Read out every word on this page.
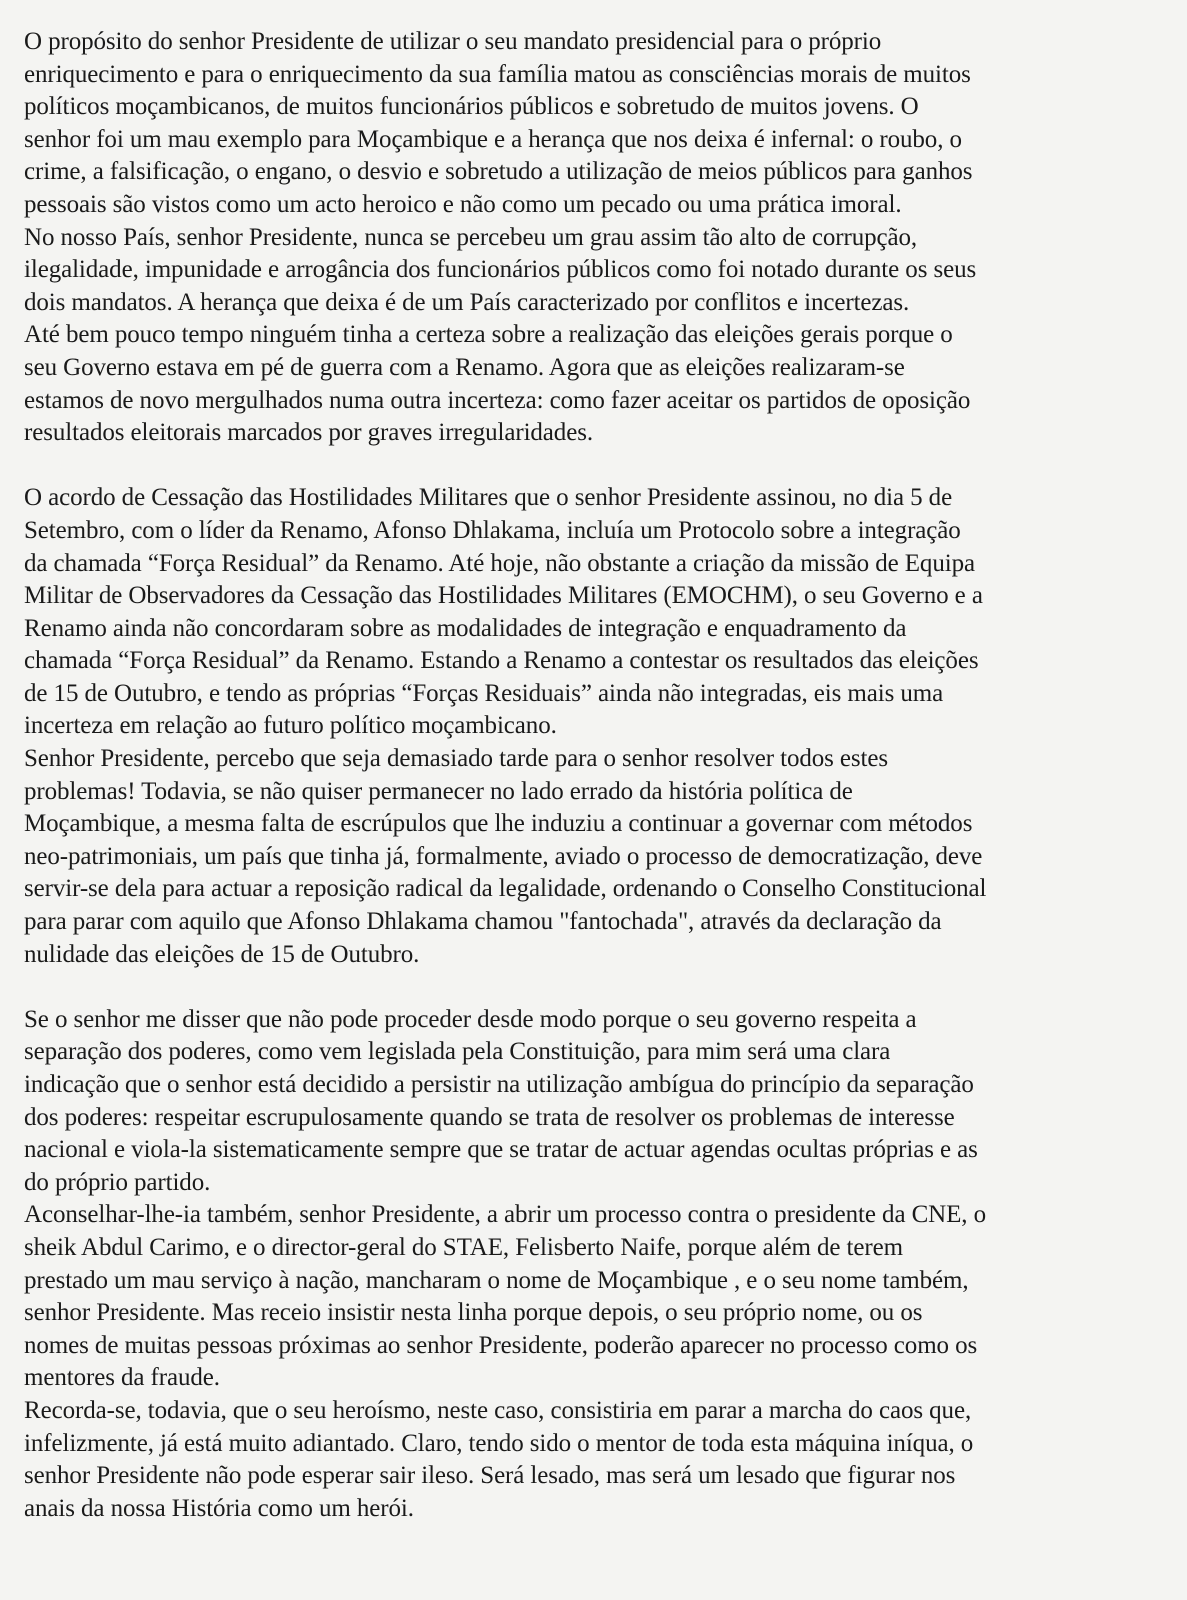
O propósito do senhor Presidente de utilizar o seu mandato presidencial para o próprio
enriquecimento e para o enriquecimento da sua família matou as consciências morais de muitos
políticos moçambicanos, de muitos funcionários públicos e sobretudo de muitos jovens. O
senhor foi um mau exemplo para Moçambique e a herança que nos deixa é infernal: o roubo, o
crime, a falsificação, o engano, o desvio e sobretudo a utilização de meios públicos para ganhos
pessoais são vistos como um acto heroico e não como um pecado ou uma prática imoral.

No nosso País, senhor Presidente, nunca se percebeu um grau assim tão alto de corrupção,
ilegalidade, impunidade e arrogância dos funcionários públicos como foi notado durante os seus
dois mandatos. A herança que deixa é de um País caracterizado por conflitos e incertezas.

Até bem pouco tempo ninguém tinha a certeza sobre a realização das eleições gerais porque o
seu Governo estava em pé de guerra com a Renamo. Agora que as eleições realizaram-se
estamos de novo mergulhados numa outra incerteza: como fazer aceitar os partidos de oposição
resultados eleitorais marcados por graves irregularidades.

O acordo de Cessação das Hostilidades Militares que o senhor Presidente assinou, no dia 5 de
Setembro, com o líder da Renamo, Afonso Dhlakama, incluía um Protocolo sobre a integração
da chamada “Força Residual” da Renamo. Até hoje, não obstante a criação da missão de Equipa
Militar de Observadores da Cessação das Hostilidades Militares (EMOCHM), o seu Governo e a
Renamo ainda não concordaram sobre as modalidades de integração e enquadramento da
chamada “Força Residual” da Renamo. Estando a Renamo a contestar os resultados das eleições
de 15 de Outubro, e tendo as próprias “Forças Residuais” ainda não integradas, eis mais uma
incerteza em relação ao futuro político moçambicano.

Senhor Presidente, percebo que seja demasiado tarde para o senhor resolver todos estes
problemas! Todavia, se não quiser permanecer no lado errado da história política de
Moçambique, a mesma falta de escrúpulos que lhe induziu a continuar a governar com métodos
neo-patrimoniais, um país que tinha já, formalmente, aviado o processo de democratização, deve
servir-se dela para actuar a reposição radical da legalidade, ordenando o Conselho Constitucional
para parar com aquilo que Afonso Dhlakama chamou "fantochada", através da declaração da
nulidade das eleições de 15 de Outubro.

Se o senhor me disser que não pode proceder desde modo porque o seu governo respeita a
separação dos poderes, como vem legislada pela Constituição, para mim será uma clara
indicação que o senhor está decidido a persistir na utilização ambígua do princípio da separação
dos poderes: respeitar escrupulosamente quando se trata de resolver os problemas de interesse
nacional e viola-la sistematicamente sempre que se tratar de actuar agendas ocultas próprias e as
do próprio partido.

Aconselhar-lhe-ia também, senhor Presidente, a abrir um processo contra o presidente da CNE, o
sheik Abdul Carimo, e o director-geral do STAE, Felisberto Naife, porque além de terem
prestado um mau serviço à nação, mancharam o nome de Moçambique , e o seu nome também,
senhor Presidente. Mas receio insistir nesta linha porque depois, o seu próprio nome, ou os
nomes de muitas pessoas próximas ao senhor Presidente, poderão aparecer no processo como os
mentores da fraude.

Recorda-se, todavia, que o seu heroísmo, neste caso, consistiria em parar a marcha do caos que,
infelizmente, já está muito adiantado. Claro, tendo sido o mentor de toda esta máquina iníqua, o
senhor Presidente não pode esperar sair ileso. Será lesado, mas será um lesado que figurar nos
anais da nossa História como um herói.
